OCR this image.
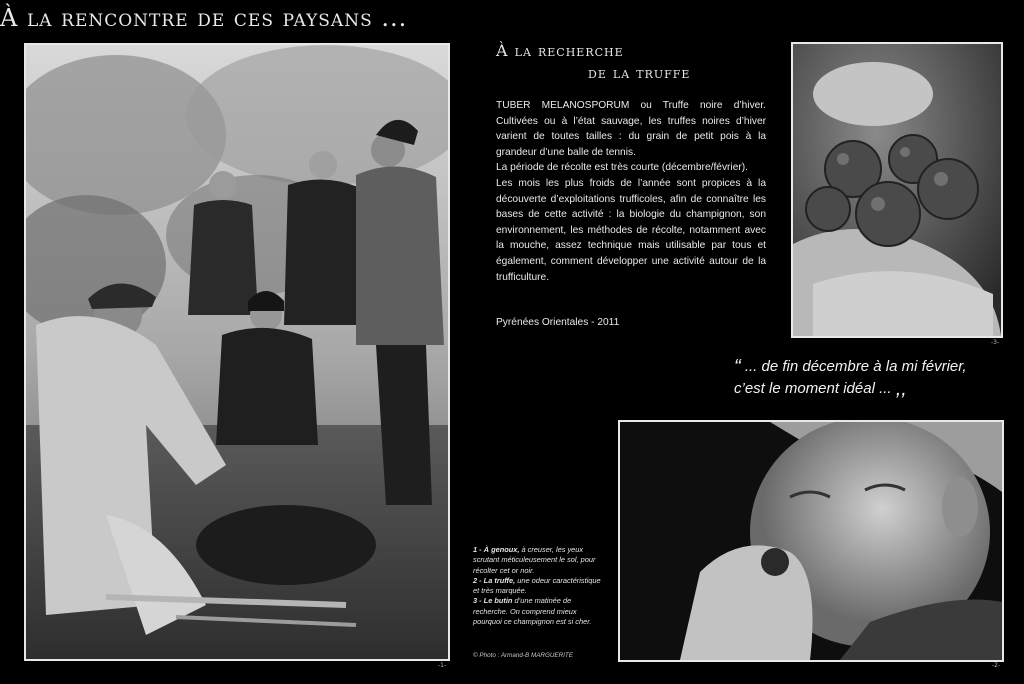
À la rencontre de ces paysans ...
-1-
À la recherche
de la truffe

TUBER MELANOSPORUM ou Truffe noire d’hiver. Cultivées ou à l’état sauvage, les truffes noires d’hiver varient de toutes tailles : du grain de petit pois à la grandeur d’une balle de tennis.

La période de récolte est très courte (décembre/février).

Les mois les plus froids de l’année sont propices à la découverte d’exploitations trufficoles, afin de connaître les bases de cette activité : la biologie du champignon, son environnement, les méthodes de récolte, notamment avec la mouche, assez technique mais utilisable par tous et également, comment développer une activité autour de la trufficulture.

Pyrénées Orientales - 2011
-3-
“ ... de fin décembre à la mi février,
c’est le moment idéal ... ,,
-2-

1 - À genoux, à creuser, les yeux scrutant méticuleusement le sol, pour récolter cet or noir.

2 - La truffe, une odeur caractéristique et très marquée.

3 - Le butin d’une matinée de recherche. On comprend mieux pourquoi ce champignon est si cher.

© Photo : Armand-B MARGUERITE
